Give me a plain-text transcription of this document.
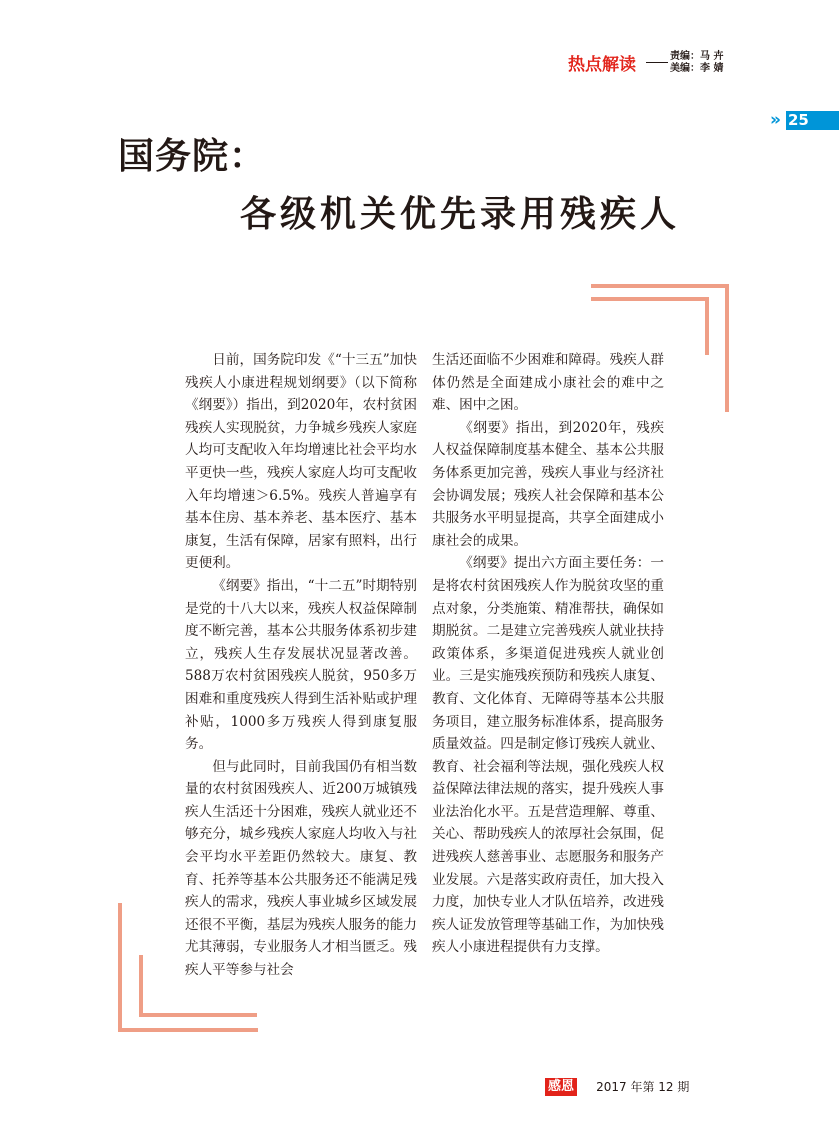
热点解读	责编：马 卉
美编：李 婧
» 25
国务院：
各级机关优先录用残疾人

日前，国务院印发《“十三五”加快残疾人小康进程规划纲要》（以下简称《纲要》）指出，到2020年，农村贫困残疾人实现脱贫，力争城乡残疾人家庭人均可支配收入年均增速比社会平均水平更快一些，残疾人家庭人均可支配收入年均增速＞6.5%。残疾人普遍享有基本住房、基本养老、基本医疗、基本康复，生活有保障，居家有照料，出行更便利。

《纲要》指出，“十二五”时期特别是党的十八大以来，残疾人权益保障制度不断完善，基本公共服务体系初步建立，残疾人生存发展状况显著改善。588万农村贫困残疾人脱贫，950多万困难和重度残疾人得到生活补贴或护理补贴，1000多万残疾人得到康复服务。

但与此同时，目前我国仍有相当数量的农村贫困残疾人、近200万城镇残疾人生活还十分困难，残疾人就业还不够充分，城乡残疾人家庭人均收入与社会平均水平差距仍然较大。康复、教育、托养等基本公共服务还不能满足残疾人的需求，残疾人事业城乡区域发展还很不平衡，基层为残疾人服务的能力尤其薄弱，专业服务人才相当匮乏。残疾人平等参与社会

生活还面临不少困难和障碍。残疾人群体仍然是全面建成小康社会的难中之难、困中之困。

《纲要》指出，到2020年，残疾人权益保障制度基本健全、基本公共服务体系更加完善，残疾人事业与经济社会协调发展；残疾人社会保障和基本公共服务水平明显提高，共享全面建成小康社会的成果。

《纲要》提出六方面主要任务：一是将农村贫困残疾人作为脱贫攻坚的重点对象，分类施策、精准帮扶，确保如期脱贫。二是建立完善残疾人就业扶持政策体系，多渠道促进残疾人就业创业。三是实施残疾预防和残疾人康复、教育、文化体育、无障碍等基本公共服务项目，建立服务标准体系，提高服务质量效益。四是制定修订残疾人就业、教育、社会福利等法规，强化残疾人权益保障法律法规的落实，提升残疾人事业法治化水平。五是营造理解、尊重、关心、帮助残疾人的浓厚社会氛围，促进残疾人慈善事业、志愿服务和服务产业发展。六是落实政府责任，加大投入力度，加快专业人才队伍培养，改进残疾人证发放管理等基础工作，为加快残疾人小康进程提供有力支撑。

感恩 2017 年第 12 期
